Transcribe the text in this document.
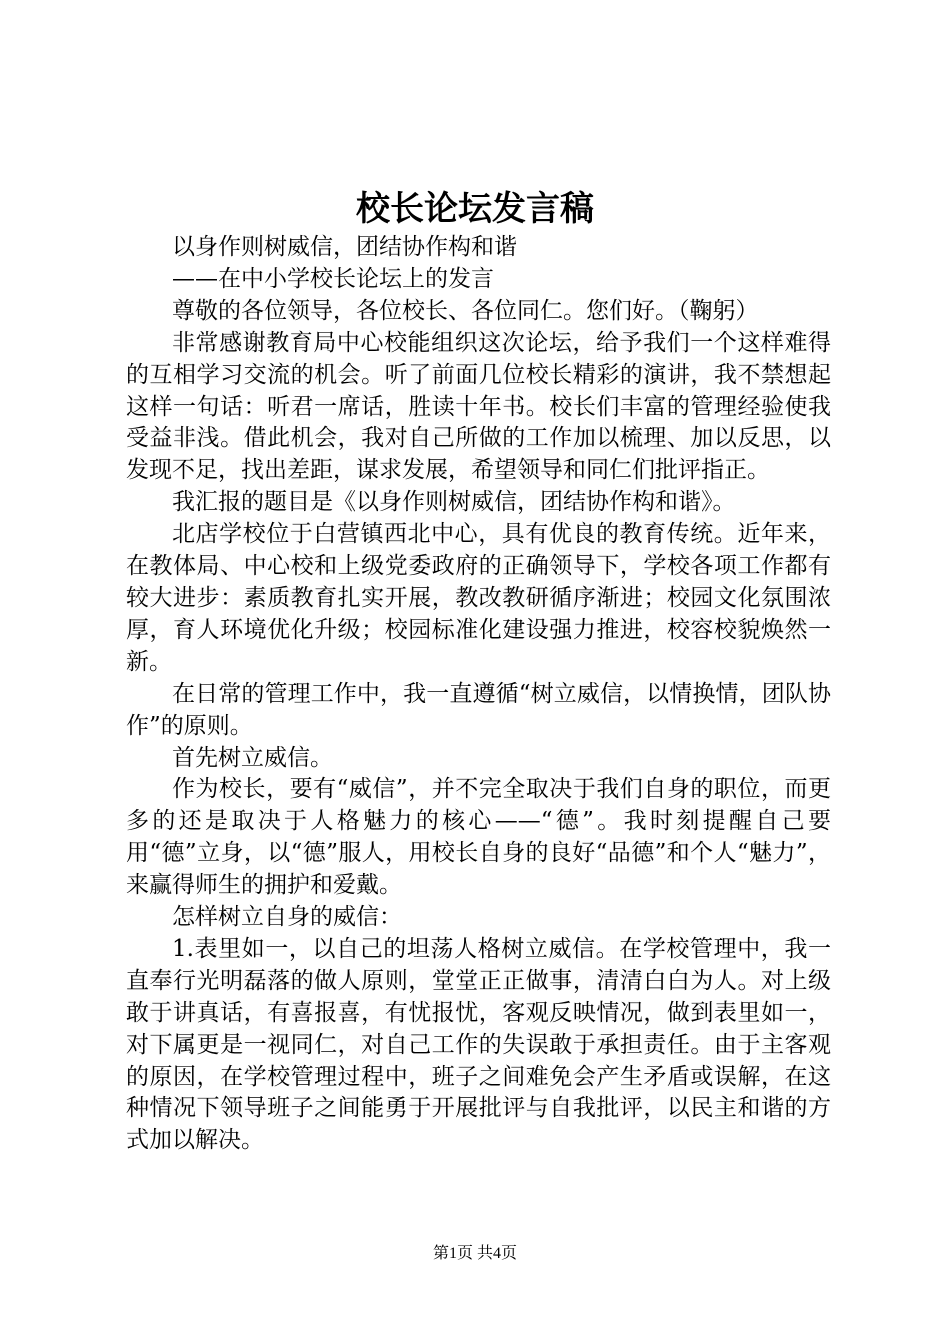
校长论坛发言稿

以身作则树威信，团结协作构和谐

——在中小学校长论坛上的发言

尊敬的各位领导，各位校长、各位同仁。您们好。（鞠躬）

非常感谢教育局中心校能组织这次论坛，给予我们一个这样难得的互相学习交流的机会。听了前面几位校长精彩的演讲，我不禁想起这样一句话：听君一席话，胜读十年书。校长们丰富的管理经验使我受益非浅。借此机会，我对自己所做的工作加以梳理、加以反思，以发现不足，找出差距，谋求发展，希望领导和同仁们批评指正。

我汇报的题目是《以身作则树威信，团结协作构和谐》。

北店学校位于白营镇西北中心，具有优良的教育传统。近年来，在教体局、中心校和上级党委政府的正确领导下，学校各项工作都有较大进步：素质教育扎实开展，教改教研循序渐进；校园文化氛围浓厚，育人环境优化升级；校园标准化建设强力推进，校容校貌焕然一新。

在日常的管理工作中，我一直遵循“树立威信，以情换情，团队协作”的原则。

首先树立威信。

作为校长，要有“威信”，并不完全取决于我们自身的职位，而更多的还是取决于人格魅力的核心——“德”。我时刻提醒自己要用“德”立身，以“德”服人，用校长自身的良好“品德”和个人“魅力”，来赢得师生的拥护和爱戴。

怎样树立自身的威信：

1.表里如一，以自己的坦荡人格树立威信。在学校管理中，我一直奉行光明磊落的做人原则，堂堂正正做事，清清白白为人。对上级敢于讲真话，有喜报喜，有忧报忧，客观反映情况，做到表里如一，对下属更是一视同仁，对自己工作的失误敢于承担责任。由于主客观的原因，在学校管理过程中，班子之间难免会产生矛盾或误解，在这种情况下领导班子之间能勇于开展批评与自我批评，以民主和谐的方式加以解决。

第1页 共4页
